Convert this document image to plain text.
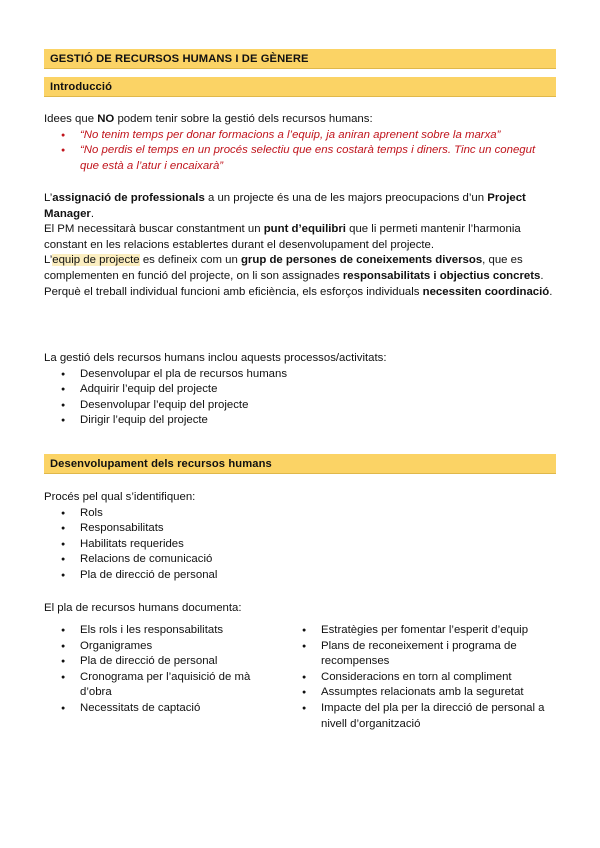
GESTIÓ DE RECURSOS HUMANS I DE GÈNERE
Introducció

Idees que NO podem tenir sobre la gestió dels recursos humans:

● “No tenim temps per donar formacions a l’equip, ja aniran aprenent sobre la marxa”
● “No perdis el temps en un procés selectiu que ens costarà temps i diners. Tinc un conegut que està a l’atur i encaixarà”

L’assignació de professionals a un projecte és una de les majors preocupacions d’un Project Manager.

El PM necessitarà buscar constantment un punt d’equilibri que li permeti mantenir l’harmonia constant en les relacions establertes durant el desenvolupament del projecte.

L’equip de projecte es defineix com un grup de persones de coneixements diversos, que es complementen en funció del projecte, on li son assignades responsabilitats i objectius concrets.

Perquè el treball individual funcioni amb eficiència, els esforços individuals necessiten coordinació.

La gestió dels recursos humans inclou aquests processos/activitats:

● Desenvolupar el pla de recursos humans
● Adquirir l’equip del projecte
● Desenvolupar l’equip del projecte
● Dirigir l’equip del projecte
Desenvolupament dels recursos humans

Procés pel qual s’identifiquen:

● Rols
● Responsabilitats
● Habilitats requerides
● Relacions de comunicació
● Pla de direcció de personal
El pla de recursos humans documenta:
● Els rols i les responsabilitats
● Organigrames
● Pla de direcció de personal
● Cronograma per l’aquisició de mà d’obra
● Necessitats de captació
● Estratègies per fomentar l’esperit d’equip
● Plans de reconeixement i programa de recompenses
● Consideracions en torn al compliment
● Assumptes relacionats amb la seguretat
● Impacte del pla per la direcció de personal a nivell d’organització
